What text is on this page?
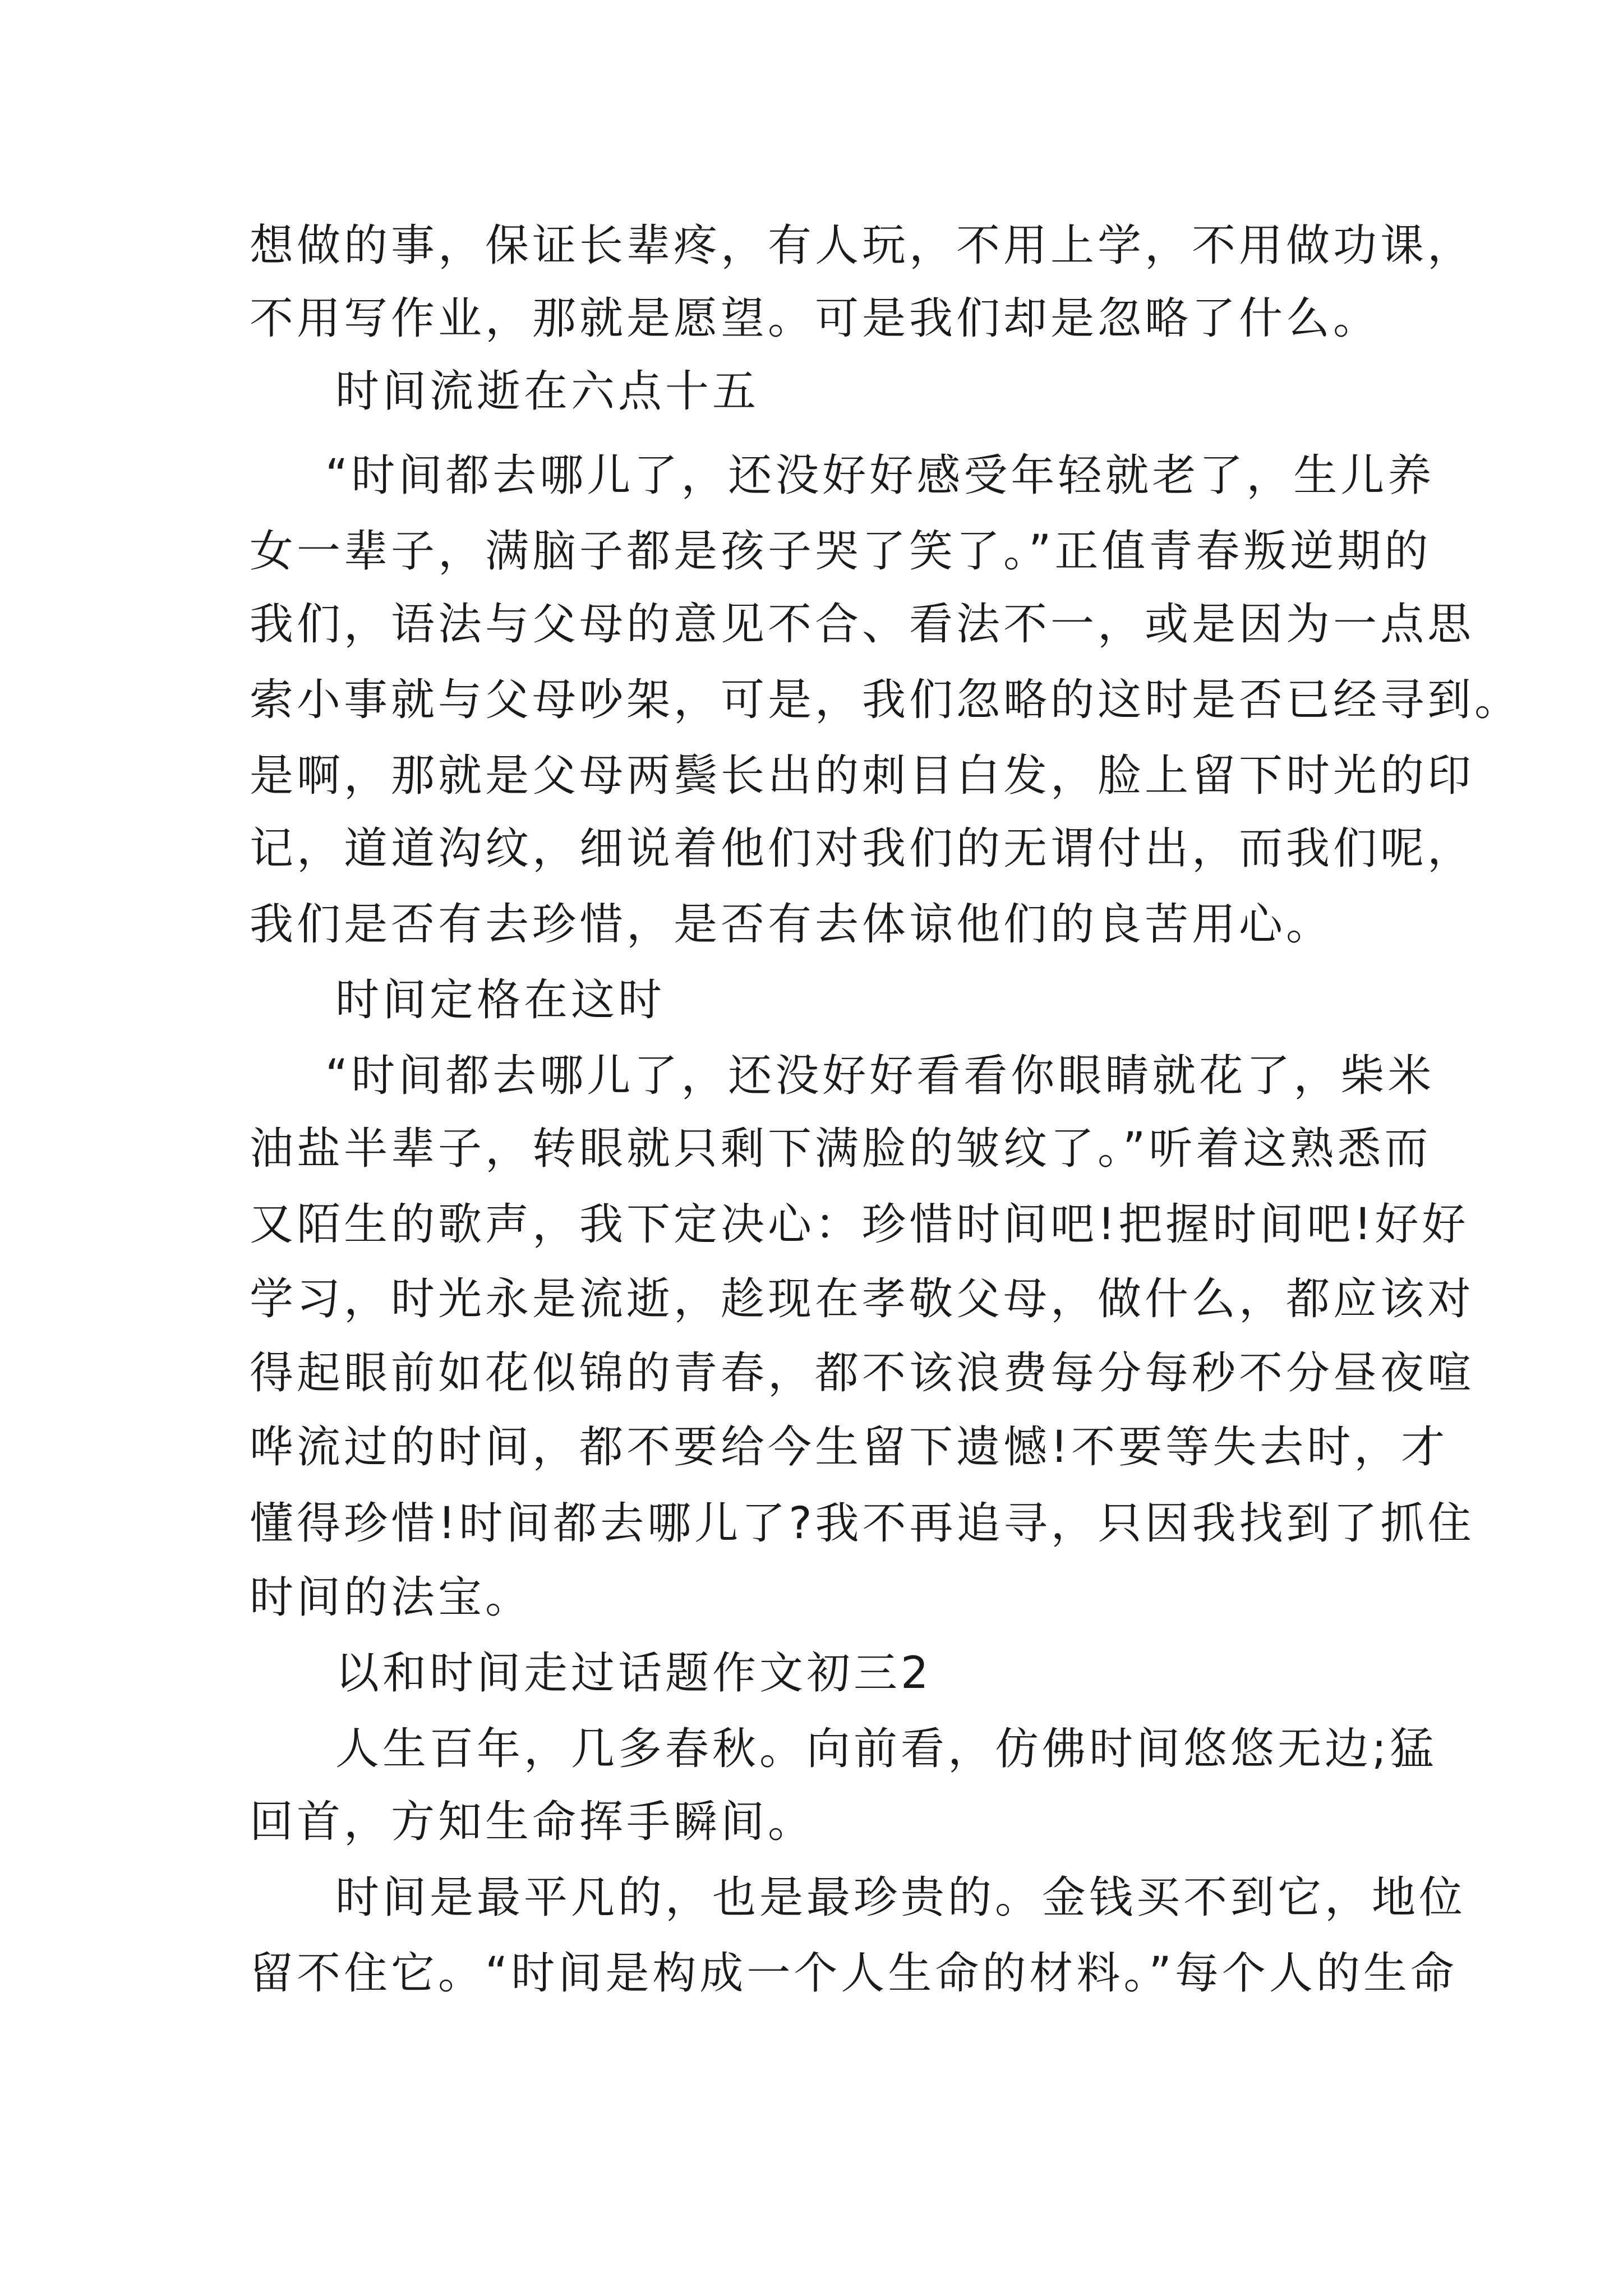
想做的事，保证长辈疼，有人玩，不用上学，不用做功课，
不用写作业，那就是愿望。可是我们却是忽略了什么。
时间流逝在六点十五
“时间都去哪儿了，还没好好感受年轻就老了，生儿养
女一辈子，满脑子都是孩子哭了笑了。”正值青春叛逆期的
我们，语法与父母的意见不合、看法不一，或是因为一点思
索小事就与父母吵架，可是，我们忽略的这时是否已经寻到。
是啊，那就是父母两鬓长出的刺目白发，脸上留下时光的印
记，道道沟纹，细说着他们对我们的无谓付出，而我们呢，
我们是否有去珍惜，是否有去体谅他们的良苦用心。
时间定格在这时
“时间都去哪儿了，还没好好看看你眼睛就花了，柴米
油盐半辈子，转眼就只剩下满脸的皱纹了。”听着这熟悉而
又陌生的歌声，我下定决心：珍惜时间吧!把握时间吧!好好
学习，时光永是流逝，趁现在孝敬父母，做什么，都应该对
得起眼前如花似锦的青春，都不该浪费每分每秒不分昼夜喧
哗流过的时间，都不要给今生留下遗憾!不要等失去时，才
懂得珍惜!时间都去哪儿了?我不再追寻，只因我找到了抓住
时间的法宝。
以和时间走过话题作文初三2
人生百年，几多春秋。向前看，仿佛时间悠悠无边;猛
回首，方知生命挥手瞬间。
时间是最平凡的，也是最珍贵的。金钱买不到它，地位
留不住它。“时间是构成一个人生命的材料。”每个人的生命
